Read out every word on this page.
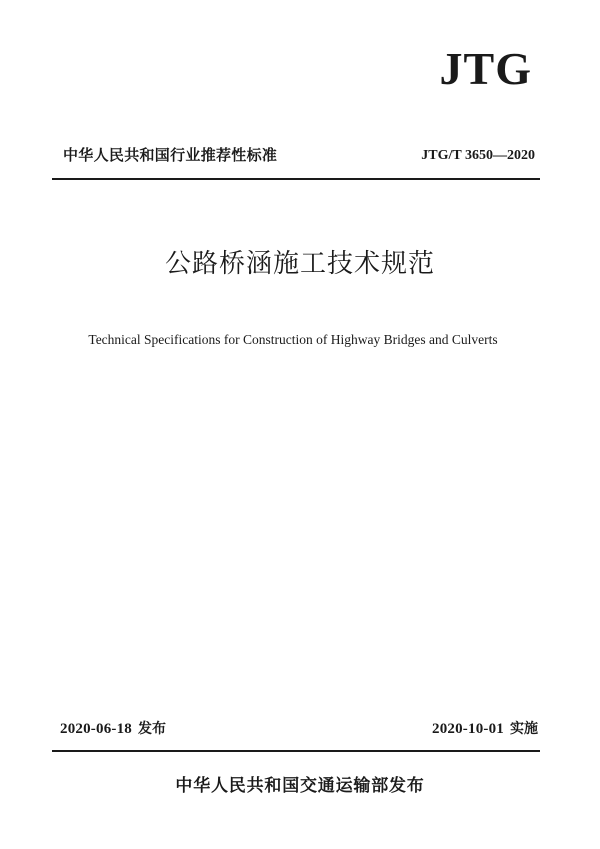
JTG
中华人民共和国行业推荐性标准	JTG/T 3650—2020
公路桥涵施工技术规范
Technical Specifications for Construction of Highway Bridges and Culverts
2020-06-18 发布	2020-10-01 实施
中华人民共和国交通运输部发布
